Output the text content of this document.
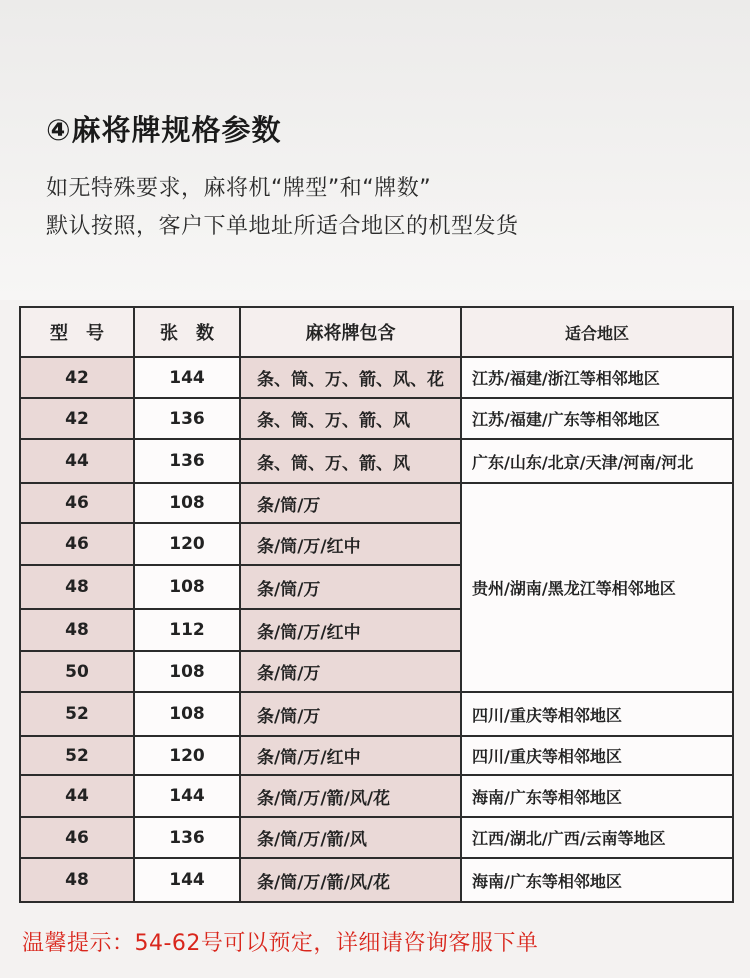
④麻将牌规格参数
如无特殊要求，麻将机“牌型”和“牌数”
默认按照，客户下单地址所适合地区的机型发货
型　号	张　数	麻将牌包含	适合地区
42	144	条、筒、万、箭、风、花	江苏/福建/浙江等相邻地区
42	136	条、筒、万、箭、风	江苏/福建/广东等相邻地区
44	136	条、筒、万、箭、风	广东/山东/北京/天津/河南/河北
46	108	条/筒/万	贵州/湖南/黑龙江等相邻地区
46	120	条/筒/万/红中	
48	108	条/筒/万	
48	112	条/筒/万/红中	
50	108	条/筒/万	
52	108	条/筒/万	四川/重庆等相邻地区
52	120	条/筒/万/红中	四川/重庆等相邻地区
44	144	条/筒/万/箭/风/花	海南/广东等相邻地区
46	136	条/筒/万/箭/风	江西/湖北/广西/云南等地区
48	144	条/筒/万/箭/风/花	海南/广东等相邻地区
温馨提示：54-62号可以预定，详细请咨询客服下单
